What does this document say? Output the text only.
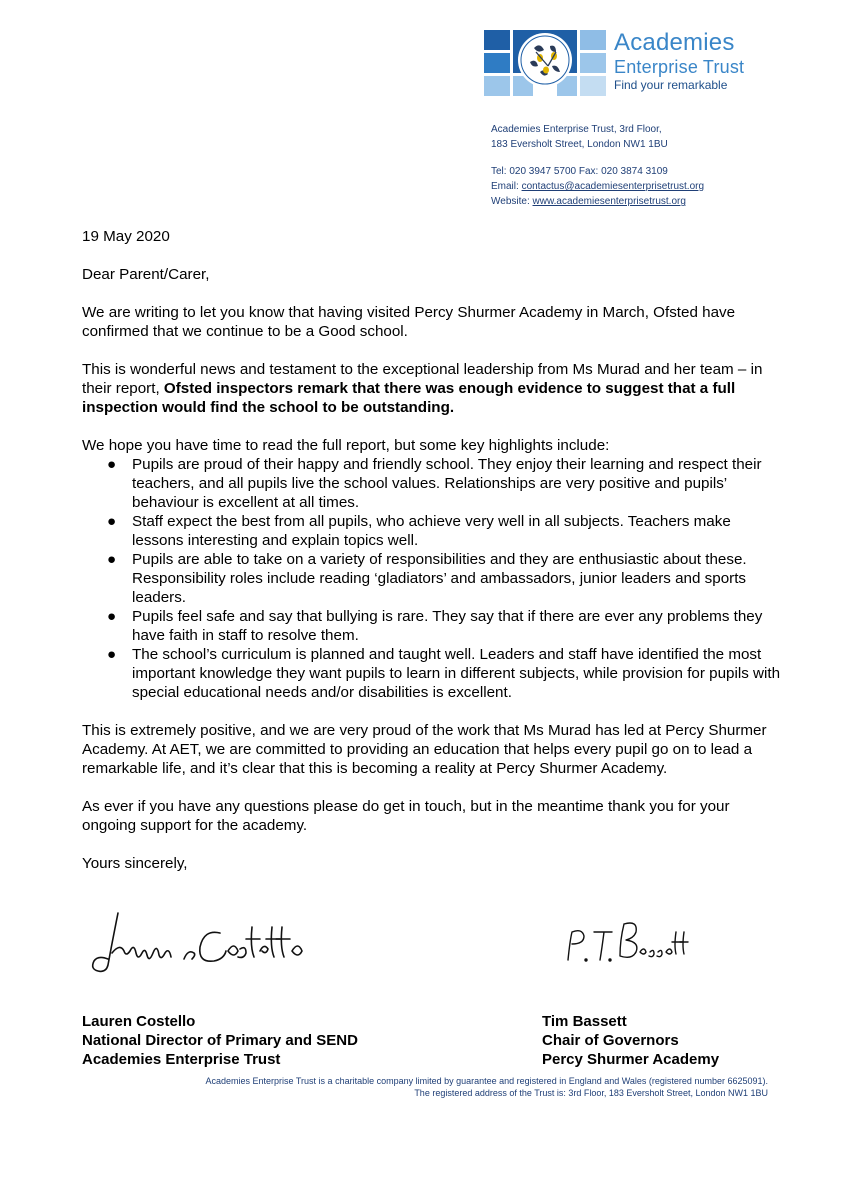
Academies
Enterprise Trust
Find your remarkable
Academies Enterprise Trust, 3rd Floor,
183 Eversholt Street, London NW1 1BU
Tel: 020 3947 5700 Fax: 020 3874 3109
Email: contactus@academiesenterprisetrust.org
Website: www.academiesenterprisetrust.org

19 May 2020

Dear Parent/Carer,

We are writing to let you know that having visited Percy Shurmer Academy in March, Ofsted have confirmed that we continue to be a Good school.

This is wonderful news and testament to the exceptional leadership from Ms Murad and her team – in their report, Ofsted inspectors remark that there was enough evidence to suggest that a full inspection would find the school to be outstanding.

We hope you have time to read the full report, but some key highlights include:
● Pupils are proud of their happy and friendly school. They enjoy their learning and respect their teachers, and all pupils live the school values. Relationships are very positive and pupils’ behaviour is excellent at all times.
● Staff expect the best from all pupils, who achieve very well in all subjects. Teachers make lessons interesting and explain topics well.
● Pupils are able to take on a variety of responsibilities and they are enthusiastic about these. Responsibility roles include reading ‘gladiators’ and ambassadors, junior leaders and sports leaders.
● Pupils feel safe and say that bullying is rare. They say that if there are ever any problems they have faith in staff to resolve them.
● The school’s curriculum is planned and taught well. Leaders and staff have identified the most important knowledge they want pupils to learn in different subjects, while provision for pupils with special educational needs and/or disabilities is excellent.

This is extremely positive, and we are very proud of the work that Ms Murad has led at Percy Shurmer Academy. At AET, we are committed to providing an education that helps every pupil go on to lead a remarkable life, and it’s clear that this is becoming a reality at Percy Shurmer Academy.

As ever if you have any questions please do get in touch, but in the meantime thank you for your ongoing support for the academy.

Yours sincerely,

Lauren Costello
National Director of Primary and SEND
Academies Enterprise Trust
Tim Bassett
Chair of Governors
Percy Shurmer Academy
Academies Enterprise Trust is a charitable company limited by guarantee and registered in England and Wales (registered number 6625091).
The registered address of the Trust is: 3rd Floor, 183 Eversholt Street, London NW1 1BU
